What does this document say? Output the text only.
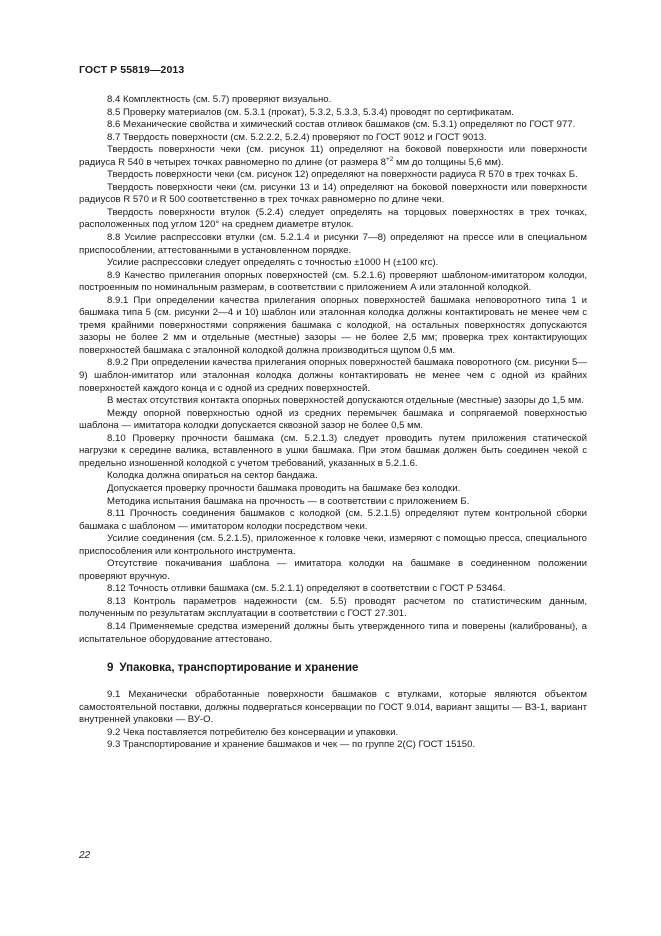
ГОСТ Р 55819—2013

8.4 Комплектность (см. 5.7) проверяют визуально.

8.5 Проверку материалов (см. 5.3.1 (прокат), 5.3.2, 5.3.3, 5.3.4) проводят по сертификатам.

8.6 Механические свойства и химический состав отливок башмаков (см. 5.3.1) определяют по ГОСТ 977.

8.7 Твердость поверхности (см. 5.2.2.2, 5.2.4) проверяют по ГОСТ 9012 и ГОСТ 9013.

Твердость поверхности чеки (см. рисунок 11) определяют на боковой поверхности или поверхности радиуса R 540 в четырех точках равномерно по длине (от размера $8^{+2}$ мм до толщины 5,6 мм).

Твердость поверхности чеки (см. рисунок 12) определяют на поверхности радиуса R 570 в трех точках Б.

Твердость поверхности чеки (см. рисунки 13 и 14) определяют на боковой поверхности или поверхности радиусов R 570 и R 500 соответственно в трех точках равномерно по длине чеки.

Твердость поверхности втулок (5.2.4) следует определять на торцовых поверхностях в трех точках, расположенных под углом 120° на среднем диаметре втулок.

8.8 Усилие распрессовки втулки (см. 5.2.1.4 и рисунки 7—8) определяют на прессе или в специальном приспособлении, аттестованными в установленном порядке.

Усилие распрессовки следует определять с точностью ±1000 Н (±100 кгс).

8.9 Качество прилегания опорных поверхностей (см. 5.2.1.6) проверяют шаблоном-имитатором колодки, построенным по номинальным размерам, в соответствии с приложением А или эталонной колодкой.

8.9.1 При определении качества прилегания опорных поверхностей башмака неповоротного типа 1 и башмака типа 5 (см. рисунки 2—4 и 10) шаблон или эталонная колодка должны контактировать не менее чем с тремя крайними поверхностями сопряжения башмака с колодкой, на остальных поверхностях допускаются зазоры не более 2 мм и отдельные (местные) зазоры — не более 2,5 мм; проверка трех контактирующих поверхностей башмака с эталонной колодкой должна производиться щупом 0,5 мм.

8.9.2 При определении качества прилегания опорных поверхностей башмака поворотного (см. рисунки 5—9) шаблон-имитатор или эталонная колодка должны контактировать не менее чем с одной из крайних поверхностей каждого конца и с одной из средних поверхностей.

В местах отсутствия контакта опорных поверхностей допускаются отдельные (местные) зазоры до 1,5 мм.

Между опорной поверхностью одной из средних перемычек башмака и сопрягаемой поверхностью шаблона — имитатора колодки допускается сквозной зазор не более 0,5 мм.

8.10 Проверку прочности башмака (см. 5.2.1.3) следует проводить путем приложения статической нагрузки к середине валика, вставленного в ушки башмака. При этом башмак должен быть соединен чекой с предельно изношенной колодкой с учетом требований, указанных в 5.2.1.6.

Колодка должна опираться на сектор бандажа.

Допускается проверку прочности башмака проводить на башмаке без колодки.

Методика испытания башмака на прочность — в соответствии с приложением Б.

8.11 Прочность соединения башмаков с колодкой (см. 5.2.1.5) определяют путем контрольной сборки башмака с шаблоном — имитатором колодки посредством чеки.

Усилие соединения (см. 5.2.1.5), приложенное к головке чеки, измеряют с помощью пресса, специального приспособления или контрольного инструмента.

Отсутствие покачивания шаблона — имитатора колодки на башмаке в соединенном положении проверяют вручную.

8.12 Точность отливки башмака (см. 5.2.1.1) определяют в соответствии с ГОСТ Р 53464.

8.13 Контроль параметров надежности (см. 5.5) проводят расчетом по статистическим данным, полученным по результатам эксплуатации в соответствии с ГОСТ 27.301.

8.14 Применяемые средства измерений должны быть утвержденного типа и поверены (калиброваны), а испытательное оборудование аттестовано.

9 Упаковка, транспортирование и хранение

9.1 Механически обработанные поверхности башмаков с втулками, которые являются объектом самостоятельной поставки, должны подвергаться консервации по ГОСТ 9.014, вариант защиты — ВЗ-1, вариант внутренней упаковки — ВУ-О.

9.2 Чека поставляется потребителю без консервации и упаковки.

9.3 Транспортирование и хранение башмаков и чек — по группе 2(С) ГОСТ 15150.

22
